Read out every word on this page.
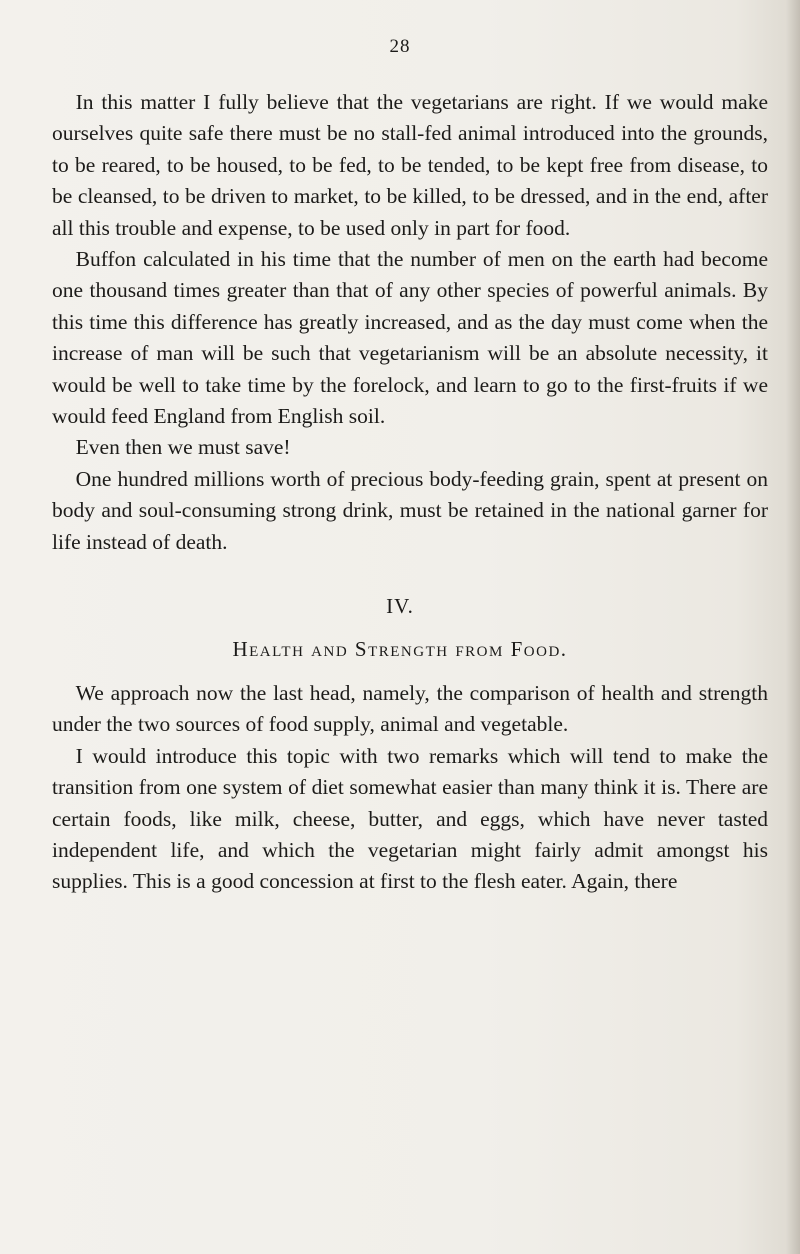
28

In this matter I fully believe that the vegetarians are right. If we would make ourselves quite safe there must be no stall-fed animal introduced into the grounds, to be reared, to be housed, to be fed, to be tended, to be kept free from disease, to be cleansed, to be driven to market, to be killed, to be dressed, and in the end, after all this trouble and expense, to be used only in part for food.

Buffon calculated in his time that the number of men on the earth had become one thousand times greater than that of any other species of powerful animals. By this time this difference has greatly increased, and as the day must come when the increase of man will be such that vegetarianism will be an absolute necessity, it would be well to take time by the forelock, and learn to go to the first-fruits if we would feed England from English soil.

Even then we must save!

One hundred millions worth of precious body-feeding grain, spent at present on body and soul-consuming strong drink, must be retained in the national garner for life instead of death.

IV.
Health and Strength from Food.

We approach now the last head, namely, the comparison of health and strength under the two sources of food supply, animal and vegetable.

I would introduce this topic with two remarks which will tend to make the transition from one system of diet somewhat easier than many think it is. There are certain foods, like milk, cheese, butter, and eggs, which have never tasted independent life, and which the vegetarian might fairly admit amongst his supplies. This is a good concession at first to the flesh eater. Again, there
